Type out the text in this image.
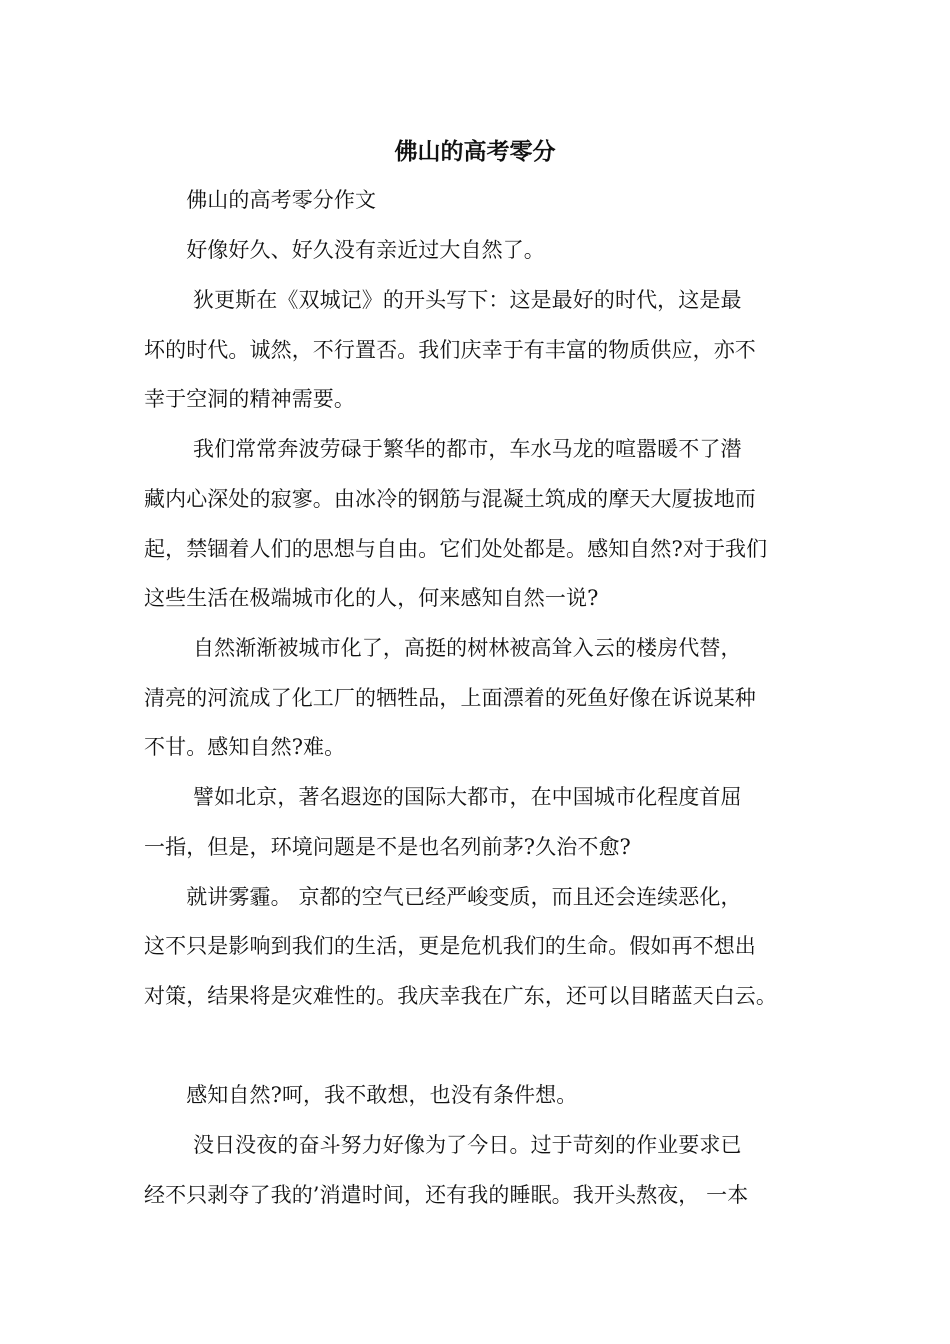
佛山的高考零分
　　佛山的高考零分作文
　　好像好久、好久没有亲近过大自然了。
　　 狄更斯在《双城记》的开头写下：这是最好的时代，这是最
坏的时代。诚然，不行置否。我们庆幸于有丰富的物质供应，亦不
幸于空洞的精神需要。
　　 我们常常奔波劳碌于繁华的都市，车水马龙的喧嚣暖不了潜
藏内心深处的寂寥。由冰冷的钢筋与混凝土筑成的摩天大厦拔地而
起，禁锢着人们的思想与自由。它们处处都是。感知自然?对于我们
这些生活在极端城市化的人，何来感知自然一说?
　　 自然渐渐被城市化了，高挺的树林被高耸入云的楼房代替，
清亮的河流成了化工厂的牺牲品，上面漂着的死鱼好像在诉说某种
不甘。感知自然?难。
　　 譬如北京，著名遐迩的国际大都市，在中国城市化程度首屈
一指，但是，环境问题是不是也名列前茅?久治不愈?
　　就讲雾霾。 京都的空气已经严峻变质，而且还会连续恶化，
这不只是影响到我们的生活，更是危机我们的生命。假如再不想出
对策，结果将是灾难性的。我庆幸我在广东，还可以目睹蓝天白云。
　　感知自然?呵，我不敢想，也没有条件想。
　　 没日没夜的奋斗努力好像为了今日。过于苛刻的作业要求已
经不只剥夺了我的’消遣时间，还有我的睡眠。我开头熬夜， 一本
